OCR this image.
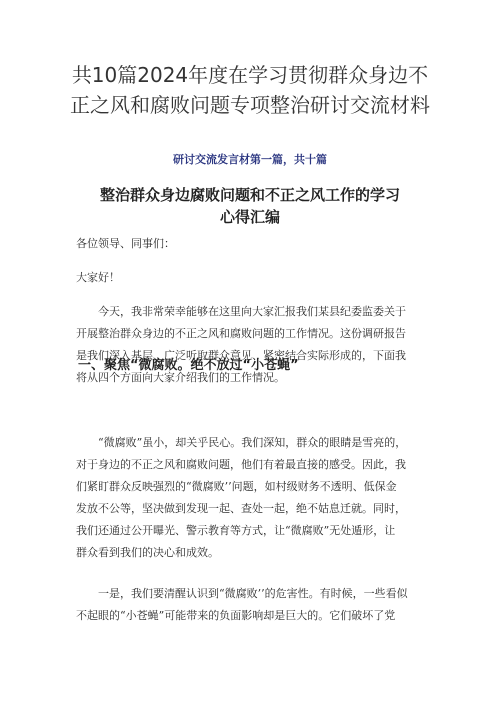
共10篇2024年度在学习贯彻群众身边不
正之风和腐败问题专项整治研讨交流材料

研讨交流发言材第一篇，共十篇

整治群众身边腐败问题和不正之风工作的学习
心得汇编

各位领导、同事们：

大家好！

今天，我非常荣幸能够在这里向大家汇报我们某县纪委监委关于
开展整治群众身边的不正之风和腐败问题的工作情况。这份调研报告
是我们深入基层、广泛听取群众意见、紧密结合实际形成的，下面我
将从四个方面向大家介绍我们的工作情况。

一、聚焦“微腐败。绝不放过“小苍蝇”

“微腐败”虽小，却关乎民心。我们深知，群众的眼睛是雪亮的，
对于身边的不正之风和腐败问题，他们有着最直接的感受。因此，我
们紧盯群众反映强烈的“微腐败’’问题，如村级财务不透明、低保金
发放不公等，坚决做到发现一起、查处一起，绝不姑息迁就。同时，
我们还通过公开曝光、警示教育等方式，让“微腐败”无处遁形，让
群众看到我们的决心和成效。

一是，我们要清醒认识到“微腐败’’的危害性。有时候，一些看似
不起眼的“小苍蝇”可能带来的负面影响却是巨大的。它们破坏了党
